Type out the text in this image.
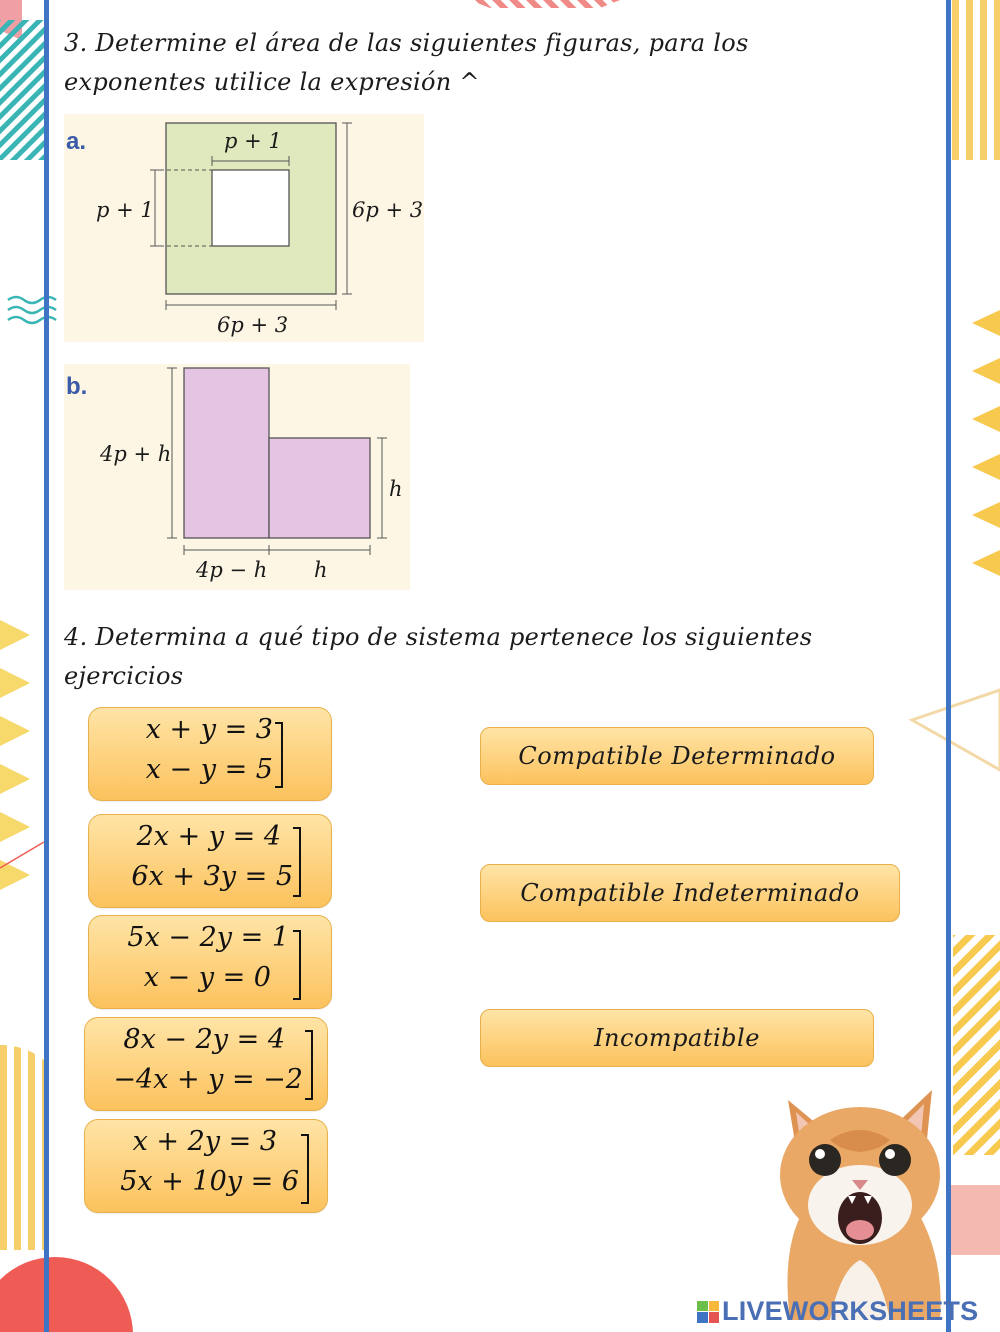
3. Determine el área de las siguientes figuras, para los
exponentes utilice la expresión ^
a.	p + 1
p + 1	6p + 3
6p + 3
b.
4p + h
h
4p − h h
4. Determina a qué tipo de sistema pertenece los siguientes
ejercicios
x + y = 3
x − y = 5
2x + y = 4
6x + 3y = 5
5x − 2y = 1
x − y = 0
8x − 2y = 4
−4x + y = −2
x + 2y = 3
5x + 10y = 6
Compatible Determinado
Compatible Indeterminado
Incompatible
LIVEWORKSHEETS
